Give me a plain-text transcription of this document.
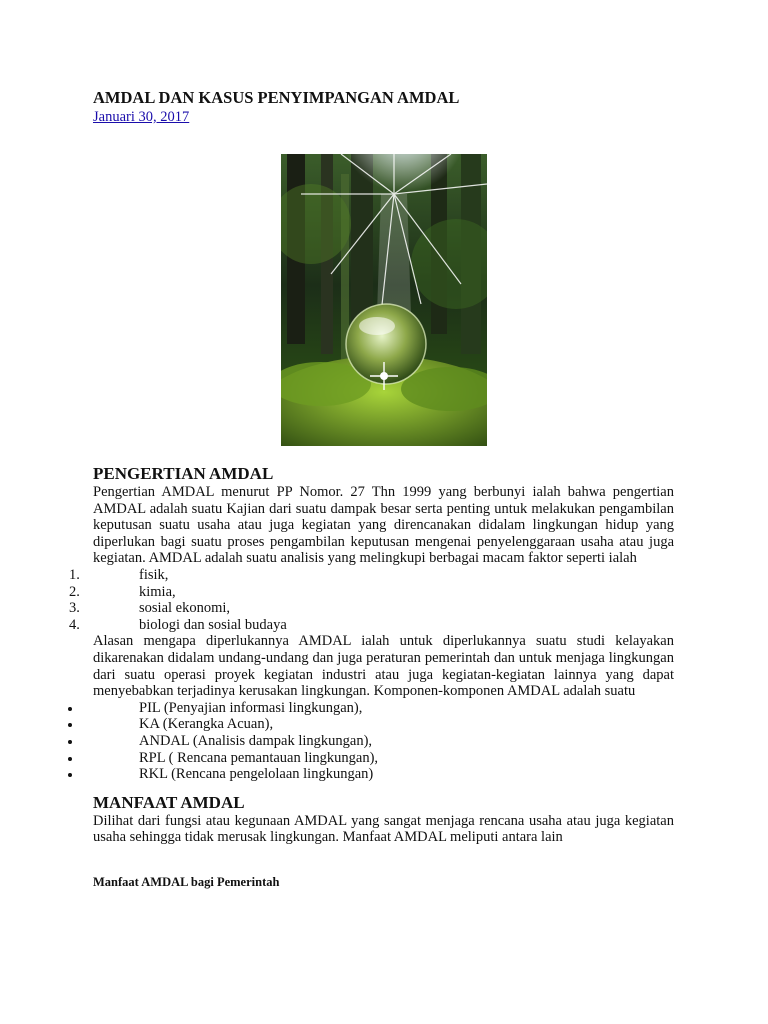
AMDAL DAN KASUS PENYIMPANGAN AMDAL
Januari 30, 2017
PENGERTIAN AMDAL

Pengertian AMDAL menurut PP Nomor. 27 Thn 1999 yang berbunyi ialah bahwa pengertian AMDAL adalah suatu Kajian dari suatu dampak besar serta penting untuk melakukan pengambilan keputusan suatu usaha atau juga kegiatan yang direncanakan didalam lingkungan hidup yang diperlukan bagi suatu proses pengambilan keputusan mengenai penyelenggaraan usaha atau juga kegiatan. AMDAL adalah suatu analisis yang melingkupi berbagai macam faktor seperti ialah

1.	fisik,
2.	kimia,
3.	sosial ekonomi,
4.	biologi dan sosial budaya

Alasan mengapa diperlukannya AMDAL ialah untuk diperlukannya suatu studi kelayakan dikarenakan didalam undang-undang dan juga peraturan pemerintah dan untuk menjaga lingkungan dari suatu operasi proyek kegiatan industri atau juga kegiatan-kegiatan lainnya yang dapat menyebabkan terjadinya kerusakan lingkungan. Komponen-komponen AMDAL adalah suatu

PIL (Penyajian informasi lingkungan),
KA (Kerangka Acuan),
ANDAL (Analisis dampak lingkungan),
RPL ( Rencana pemantauan lingkungan),
RKL (Rencana pengelolaan lingkungan)
MANFAAT AMDAL

Dilihat dari fungsi atau kegunaan AMDAL yang sangat menjaga rencana usaha atau juga kegiatan usaha sehingga tidak merusak lingkungan. Manfaat AMDAL meliputi antara lain

Manfaat AMDAL bagi Pemerintah
